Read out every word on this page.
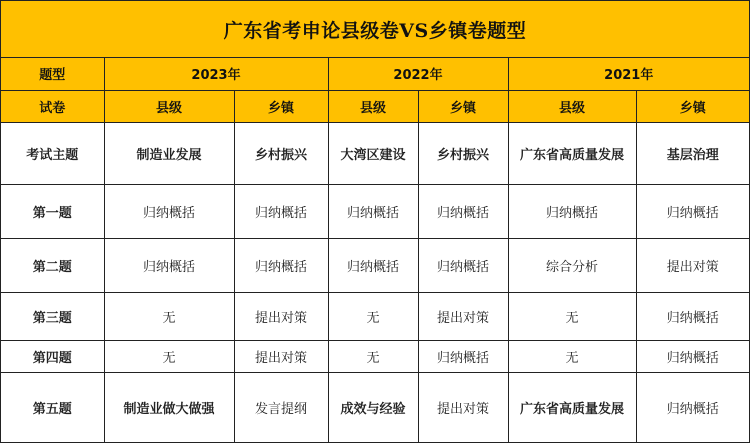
广东省考申论县级卷VS乡镇卷题型
题型	2023年		2022年		2021年	
试卷	县级	乡镇	县级	乡镇	县级	乡镇
考试主题	制造业发展	乡村振兴	大湾区建设	乡村振兴	广东省高质量发展	基层治理
第一题	归纳概括	归纳概括	归纳概括	归纳概括	归纳概括	归纳概括
第二题	归纳概括	归纳概括	归纳概括	归纳概括	综合分析	提出对策
第三题	无	提出对策	无	提出对策	无	归纳概括
第四题	无	提出对策	无	归纳概括	无	归纳概括
第五题	制造业做大做强	发言提纲	成效与经验	提出对策	广东省高质量发展	归纳概括
